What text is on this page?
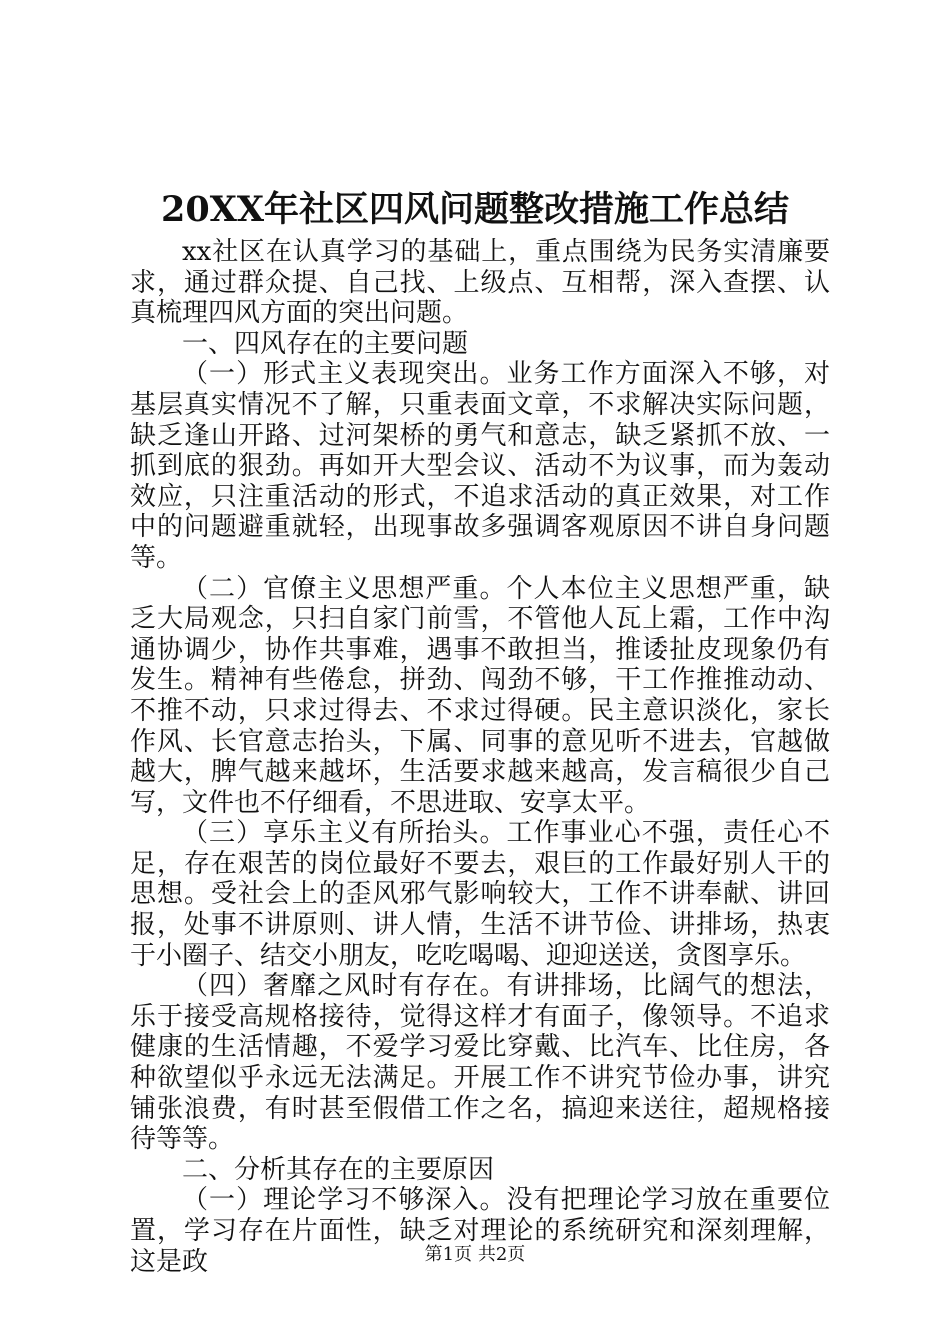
20XX年社区四风问题整改措施工作总结

xx社区在认真学习的基础上，重点围绕为民务实清廉要求，通过群众提、自己找、上级点、互相帮，深入查摆、认真梳理四风方面的突出问题。

一、四风存在的主要问题

（一）形式主义表现突出。业务工作方面深入不够，对基层真实情况不了解，只重表面文章，不求解决实际问题，缺乏逢山开路、过河架桥的勇气和意志，缺乏紧抓不放、一抓到底的狠劲。再如开大型会议、活动不为议事，而为轰动效应，只注重活动的形式，不追求活动的真正效果，对工作中的问题避重就轻，出现事故多强调客观原因不讲自身问题等。

（二）官僚主义思想严重。个人本位主义思想严重，缺乏大局观念，只扫自家门前雪，不管他人瓦上霜，工作中沟通协调少，协作共事难，遇事不敢担当，推诿扯皮现象仍有发生。精神有些倦怠，拼劲、闯劲不够，干工作推推动动、不推不动，只求过得去、不求过得硬。民主意识淡化，家长作风、长官意志抬头，下属、同事的意见听不进去，官越做越大，脾气越来越坏，生活要求越来越高，发言稿很少自己写，文件也不仔细看，不思进取、安享太平。

（三）享乐主义有所抬头。工作事业心不强，责任心不足，存在艰苦的岗位最好不要去，艰巨的工作最好别人干的思想。受社会上的歪风邪气影响较大，工作不讲奉献、讲回报，处事不讲原则、讲人情，生活不讲节俭、讲排场，热衷于小圈子、结交小朋友，吃吃喝喝、迎迎送送，贪图享乐。

（四）奢靡之风时有存在。有讲排场，比阔气的想法，乐于接受高规格接待，觉得这样才有面子，像领导。不追求健康的生活情趣，不爱学习爱比穿戴、比汽车、比住房，各种欲望似乎永远无法满足。开展工作不讲究节俭办事，讲究铺张浪费，有时甚至假借工作之名，搞迎来送往，超规格接待等等。

二、分析其存在的主要原因

（一）理论学习不够深入。没有把理论学习放在重要位置，学习存在片面性，缺乏对理论的系统研究和深刻理解，这是政	第1页 共2页
